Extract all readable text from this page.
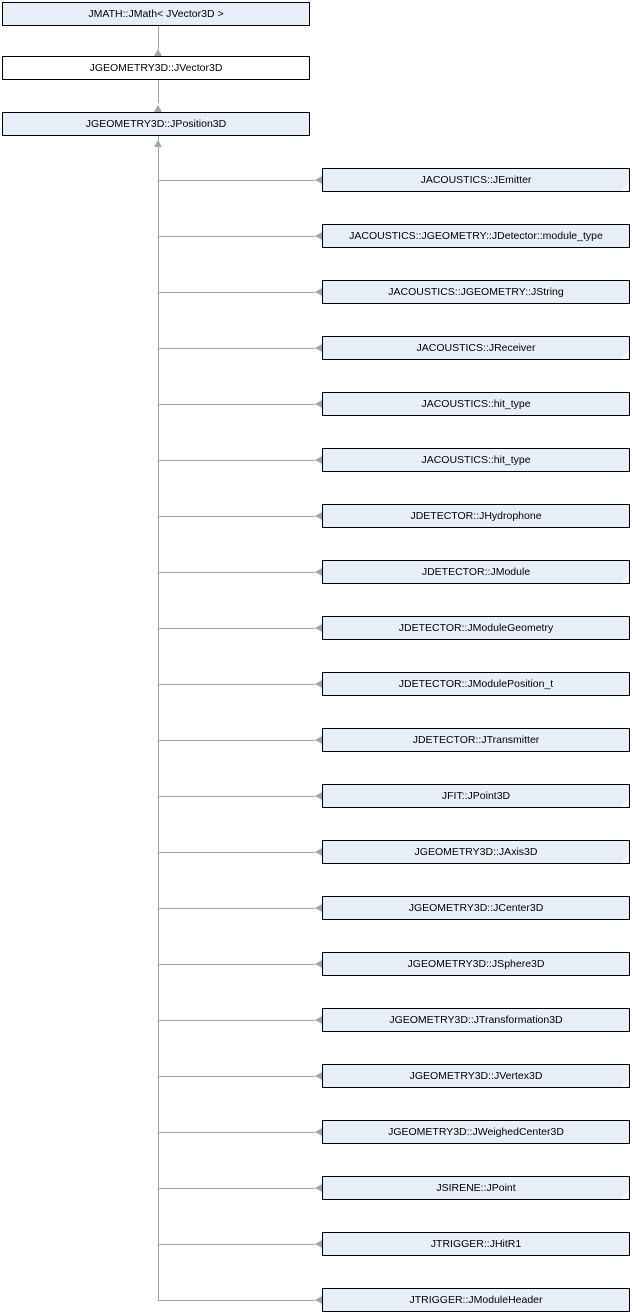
JMATH::JMath< JVector3D >
JGEOMETRY3D::JVector3D
JGEOMETRY3D::JPosition3D
JACOUSTICS::JEmitter
JACOUSTICS::JGEOMETRY::JDetector::module_type
JACOUSTICS::JGEOMETRY::JString
JACOUSTICS::JReceiver
JACOUSTICS::hit_type
JACOUSTICS::hit_type
JDETECTOR::JHydrophone
JDETECTOR::JModule
JDETECTOR::JModuleGeometry
JDETECTOR::JModulePosition_t
JDETECTOR::JTransmitter
JFIT::JPoint3D
JGEOMETRY3D::JAxis3D
JGEOMETRY3D::JCenter3D
JGEOMETRY3D::JSphere3D
JGEOMETRY3D::JTransformation3D
JGEOMETRY3D::JVertex3D
JGEOMETRY3D::JWeighedCenter3D
JSIRENE::JPoint
JTRIGGER::JHitR1
JTRIGGER::JModuleHeader
